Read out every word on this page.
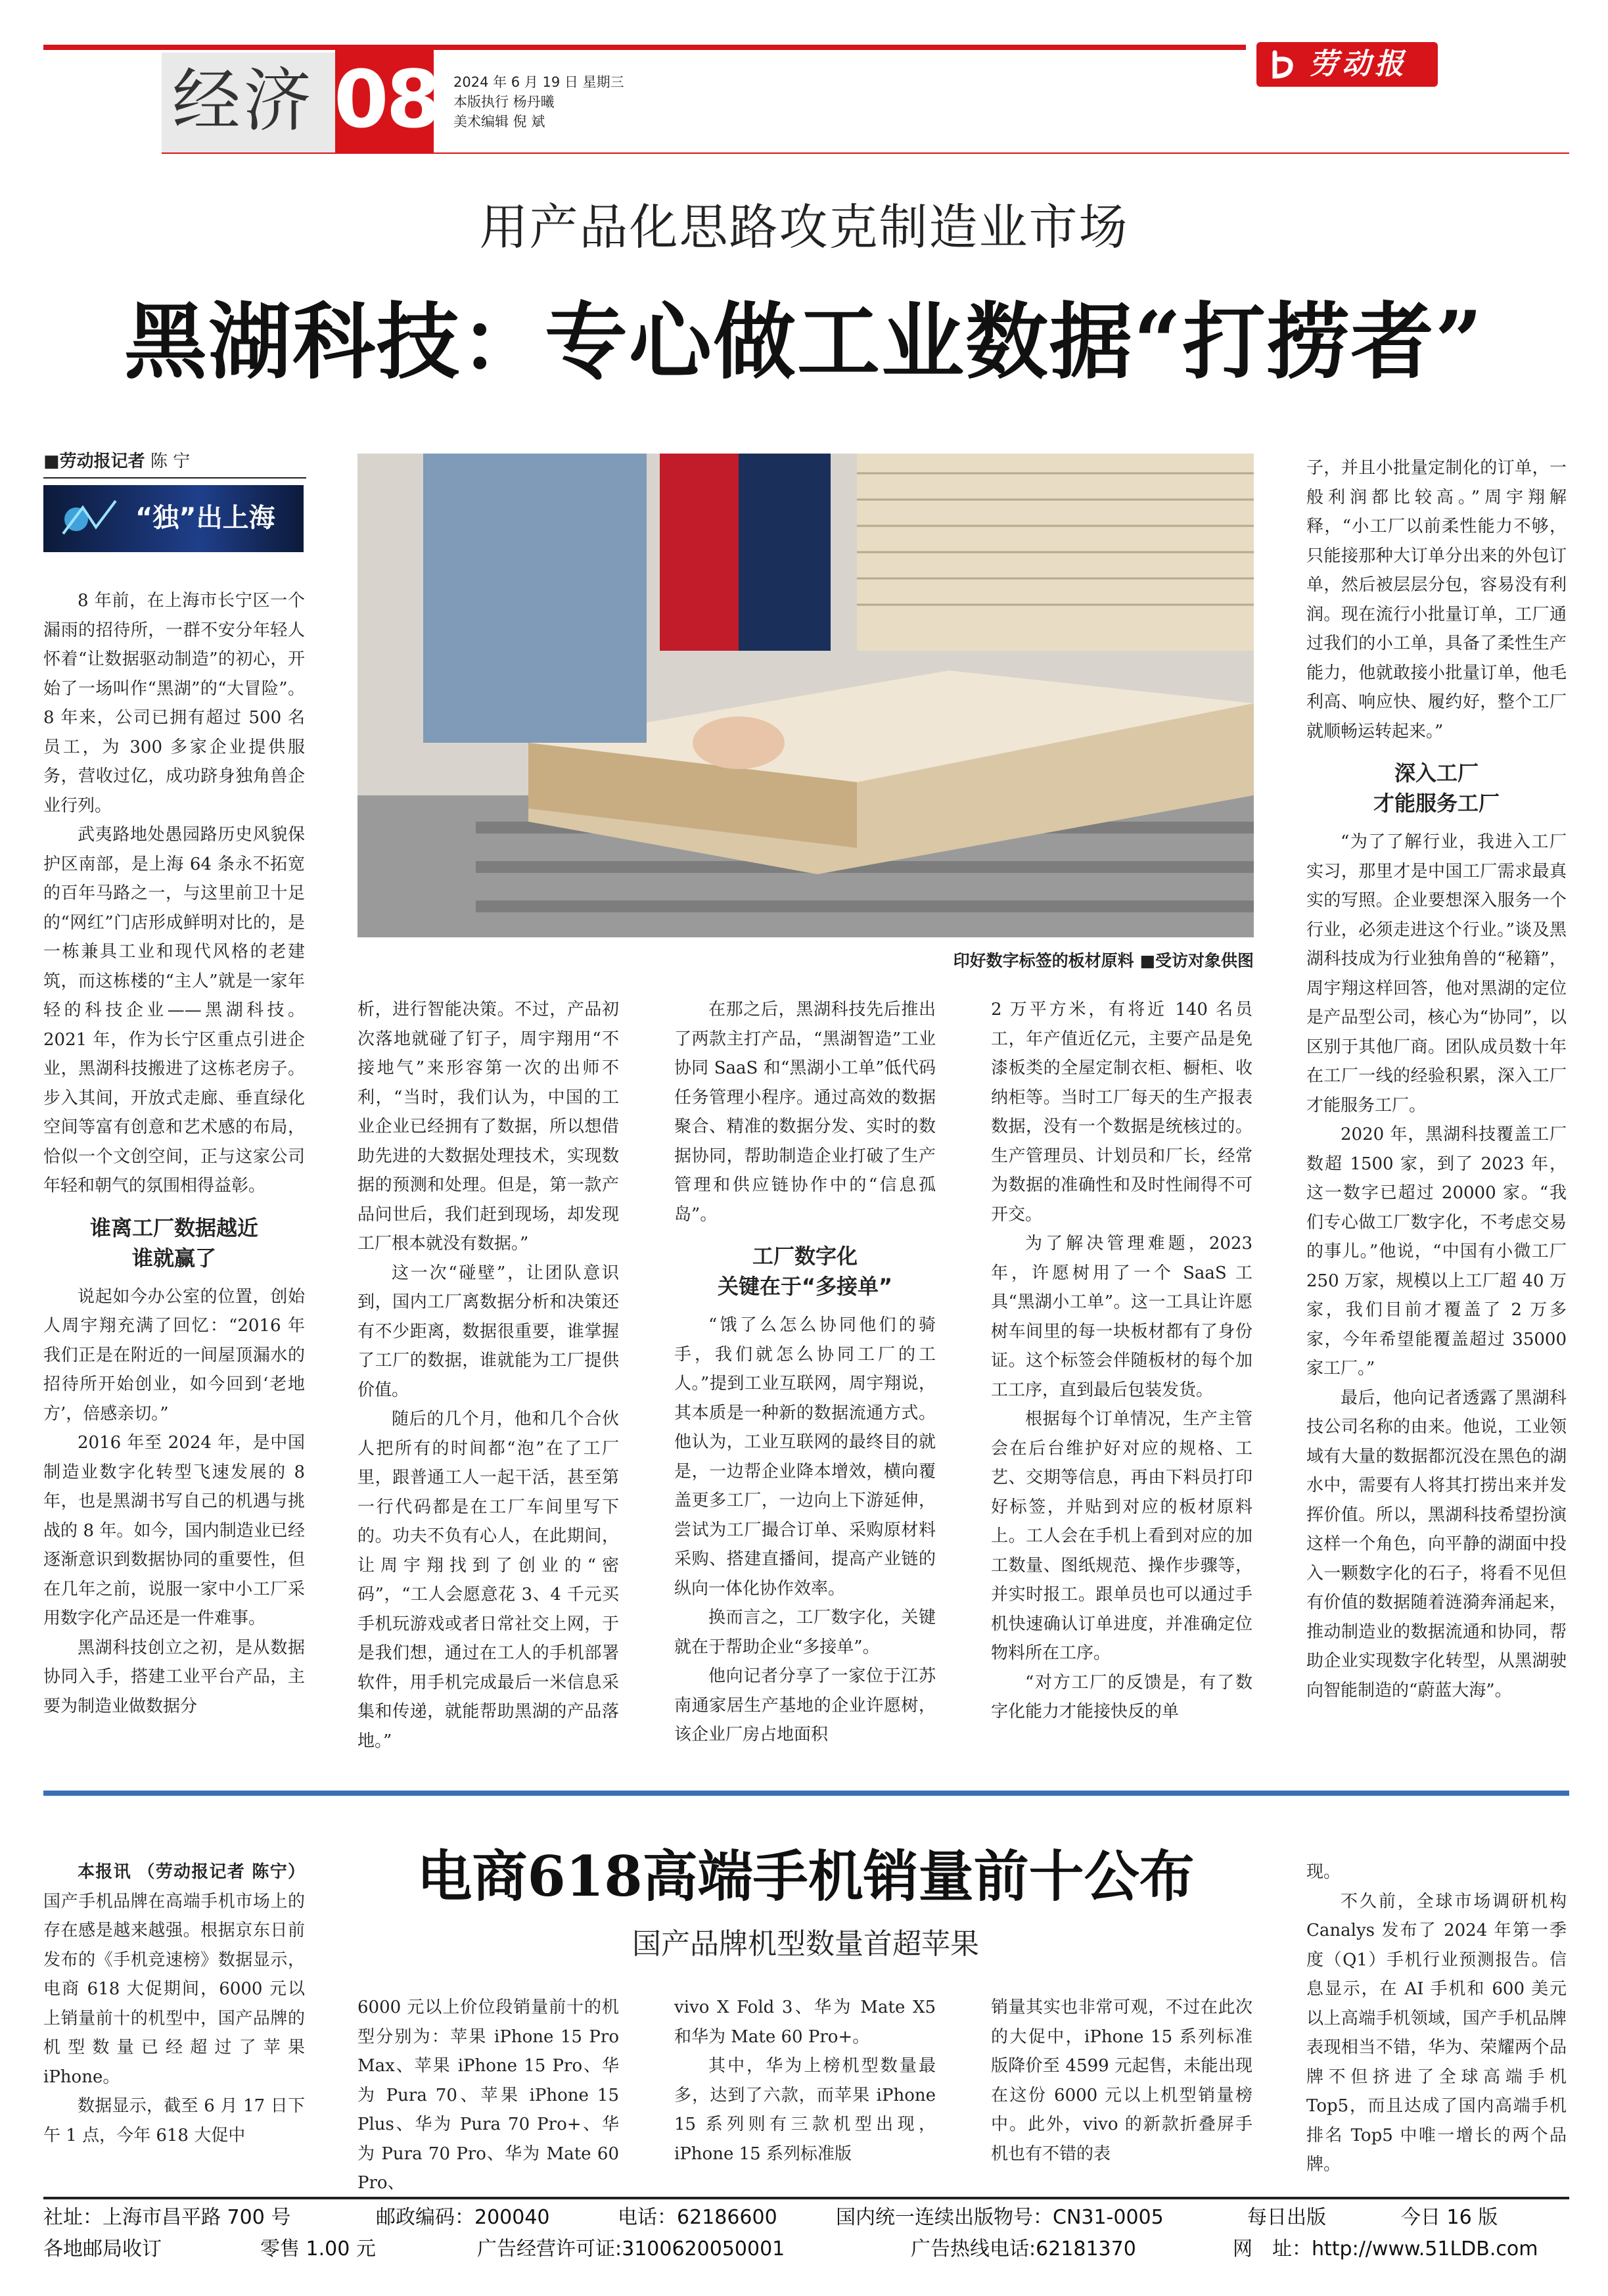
经济 08 2024 年 6 月 19 日 星期三
本版执行 杨丹曦
美术编辑 倪 斌
劳动报
用产品化思路攻克制造业市场
黑湖科技：专心做工业数据“打捞者”
■劳动报记者 陈 宁
“独”出上海
印好数字标签的板材原料 ■受访对象供图

8 年前，在上海市长宁区一个漏雨的招待所，一群不安分年轻人怀着“让数据驱动制造”的初心，开始了一场叫作“黑湖”的“大冒险”。8 年来，公司已拥有超过 500 名员工，为 300 多家企业提供服务，营收过亿，成功跻身独角兽企业行列。

武夷路地处愚园路历史风貌保护区南部，是上海 64 条永不拓宽的百年马路之一，与这里前卫十足的“网红”门店形成鲜明对比的，是一栋兼具工业和现代风格的老建筑，而这栋楼的“主人”就是一家年轻的科技企业——黑湖科技。2021 年，作为长宁区重点引进企业，黑湖科技搬进了这栋老房子。步入其间，开放式走廊、垂直绿化空间等富有创意和艺术感的布局，恰似一个文创空间，正与这家公司年轻和朝气的氛围相得益彰。

谁离工厂数据越近
谁就赢了

说起如今办公室的位置，创始人周宇翔充满了回忆：“2016 年我们正是在附近的一间屋顶漏水的招待所开始创业，如今回到‘老地方’，倍感亲切。”

2016 年至 2024 年，是中国制造业数字化转型飞速发展的 8 年，也是黑湖书写自己的机遇与挑战的 8 年。如今，国内制造业已经逐渐意识到数据协同的重要性，但在几年之前，说服一家中小工厂采用数字化产品还是一件难事。

黑湖科技创立之初，是从数据协同入手，搭建工业平台产品，主要为制造业做数据分

析，进行智能决策。不过，产品初次落地就碰了钉子，周宇翔用“不接地气”来形容第一次的出师不利，“当时，我们认为，中国的工业企业已经拥有了数据，所以想借助先进的大数据处理技术，实现数据的预测和处理。但是，第一款产品问世后，我们赶到现场，却发现工厂根本就没有数据。”

这一次“碰壁”，让团队意识到，国内工厂离数据分析和决策还有不少距离，数据很重要，谁掌握了工厂的数据，谁就能为工厂提供价值。

随后的几个月，他和几个合伙人把所有的时间都“泡”在了工厂里，跟普通工人一起干活，甚至第一行代码都是在工厂车间里写下的。功夫不负有心人，在此期间，让周宇翔找到了创业的“密码”，“工人会愿意花 3、4 千元买手机玩游戏或者日常社交上网，于是我们想，通过在工人的手机部署软件，用手机完成最后一米信息采集和传递，就能帮助黑湖的产品落地。”

在那之后，黑湖科技先后推出了两款主打产品，“黑湖智造”工业协同 SaaS 和“黑湖小工单”低代码任务管理小程序。通过高效的数据聚合、精准的数据分发、实时的数据协同，帮助制造企业打破了生产管理和供应链协作中的“信息孤岛”。

工厂数字化
关键在于“多接单”

“饿了么怎么协同他们的骑手，我们就怎么协同工厂的工人。”提到工业互联网，周宇翔说，其本质是一种新的数据流通方式。他认为，工业互联网的最终目的就是，一边帮企业降本增效，横向覆盖更多工厂，一边向上下游延伸，尝试为工厂撮合订单、采购原材料采购、搭建直播间，提高产业链的纵向一体化协作效率。

换而言之，工厂数字化，关键就在于帮助企业“多接单”。

他向记者分享了一家位于江苏南通家居生产基地的企业许愿树，该企业厂房占地面积

2 万平方米，有将近 140 名员工，年产值近亿元，主要产品是免漆板类的全屋定制衣柜、橱柜、收纳柜等。当时工厂每天的生产报表数据，没有一个数据是统核过的。生产管理员、计划员和厂长，经常为数据的准确性和及时性闹得不可开交。

为了解决管理难题，2023 年，许愿树用了一个 SaaS 工具“黑湖小工单”。这一工具让许愿树车间里的每一块板材都有了身份证。这个标签会伴随板材的每个加工工序，直到最后包装发货。

根据每个订单情况，生产主管会在后台维护好对应的规格、工艺、交期等信息，再由下料员打印好标签，并贴到对应的板材原料上。工人会在手机上看到对应的加工数量、图纸规范、操作步骤等，并实时报工。跟单员也可以通过手机快速确认订单进度，并准确定位物料所在工序。

“对方工厂的反馈是，有了数字化能力才能接快反的单

子，并且小批量定制化的订单，一般利润都比较高。”周宇翔解释，“小工厂以前柔性能力不够，只能接那种大订单分出来的外包订单，然后被层层分包，容易没有利润。现在流行小批量订单，工厂通过我们的小工单，具备了柔性生产能力，他就敢接小批量订单，他毛利高、响应快、履约好，整个工厂就顺畅运转起来。”

深入工厂
才能服务工厂

“为了了解行业，我进入工厂实习，那里才是中国工厂需求最真实的写照。企业要想深入服务一个行业，必须走进这个行业。”谈及黑湖科技成为行业独角兽的“秘籍”，周宇翔这样回答，他对黑湖的定位是产品型公司，核心为“协同”，以区别于其他厂商。团队成员数十年在工厂一线的经验积累，深入工厂才能服务工厂。

2020 年，黑湖科技覆盖工厂数超 1500 家，到了 2023 年，这一数字已超过 20000 家。“我们专心做工厂数字化，不考虑交易的事儿。”他说，“中国有小微工厂 250 万家，规模以上工厂超 40 万家，我们目前才覆盖了 2 万多家，今年希望能覆盖超过 35000 家工厂。”

最后，他向记者透露了黑湖科技公司名称的由来。他说，工业领域有大量的数据都沉没在黑色的湖水中，需要有人将其打捞出来并发挥价值。所以，黑湖科技希望扮演这样一个角色，向平静的湖面中投入一颗数字化的石子，将看不见但有价值的数据随着涟漪奔涌起来，推动制造业的数据流通和协同，帮助企业实现数字化转型，从黑湖驶向智能制造的“蔚蓝大海”。

电商618高端手机销量前十公布
国产品牌机型数量首超苹果

本报讯 （劳动报记者 陈宁） 国产手机品牌在高端手机市场上的存在感是越来越强。根据京东日前发布的《手机竞速榜》数据显示，电商 618 大促期间，6000 元以上销量前十的机型中，国产品牌的机型数量已经超过了苹果 iPhone。

数据显示，截至 6 月 17 日下午 1 点，今年 618 大促中

6000 元以上价位段销量前十的机型分别为：苹果 iPhone 15 Pro Max、苹果 iPhone 15 Pro、华为 Pura 70、苹果 iPhone 15 Plus、华为 Pura 70 Pro+、华为 Pura 70 Pro、华为 Mate 60 Pro、

vivo X Fold 3、华为 Mate X5 和华为 Mate 60 Pro+。

其中，华为上榜机型数量最多，达到了六款，而苹果 iPhone 15 系列则有三款机型出现，iPhone 15 系列标准版

销量其实也非常可观，不过在此次的大促中，iPhone 15 系列标准版降价至 4599 元起售，未能出现在这份 6000 元以上机型销量榜中。此外，vivo 的新款折叠屏手机也有不错的表

现。

不久前，全球市场调研机构 Canalys 发布了 2024 年第一季度（Q1）手机行业预测报告。信息显示，在 AI 手机和 600 美元以上高端手机领域，国产手机品牌表现相当不错，华为、荣耀两个品牌不但挤进了全球高端手机 Top5，而且达成了国内高端手机排名 Top5 中唯一增长的两个品牌。

社址：上海市昌平路 700 号	邮政编码：200040	电话：62186600	国内统一连续出版物号：CN31-0005	每日出版	今日 16 版
各地邮局收订	零售 1.00 元	广告经营许可证:3100620050001	广告热线电话:62181370	网　址：http://www.51LDB.com
